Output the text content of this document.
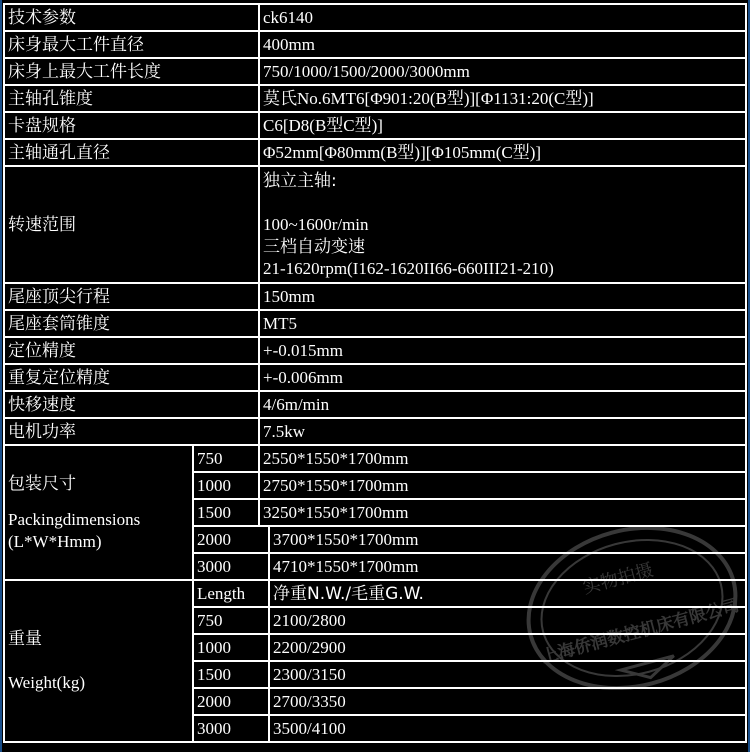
技术参数		ck6140	
床身最大工件直径		400mm	
床身上最大工件长度		750/1000/1500/2000/3000mm	
主轴孔锥度		莫氏No.6MT6[Φ901:20(B型)][Φ1131:20(C型)]	
卡盘规格		C6[D8(B型C型)]	
主轴通孔直径		Φ52mm[Φ80mm(B型)][Φ105mm(C型)]	
转速范围		独立主轴:
100~1600r/min
三档自动变速
21-1620rpm(I162-1620II66-660III21-210)	

尾座顶尖行程		150mm	
尾座套筒锥度		MT5	
定位精度		+-0.015mm	
重复定位精度		+-0.006mm	
快移速度		4/6m/min	
电机功率		7.5kw	

包装尺寸
Packingdimensions
(L*W*Hmm)	750	2550*1550*1700mm	
	1000	2750*1550*1700mm	
	1500	3250*1550*1700mm	
	2000		3700*1550*1700mm
	3000		4710*1550*1700mm

重量
Weight(kg)	Length		净重N.W./毛重G.W.
	750		2100/2800
	1000		2200/2900
	1500		2300/3150
	2000		2700/3350
	3000		3500/4100
实物拍摄
上海侨润数控机床有限公司
